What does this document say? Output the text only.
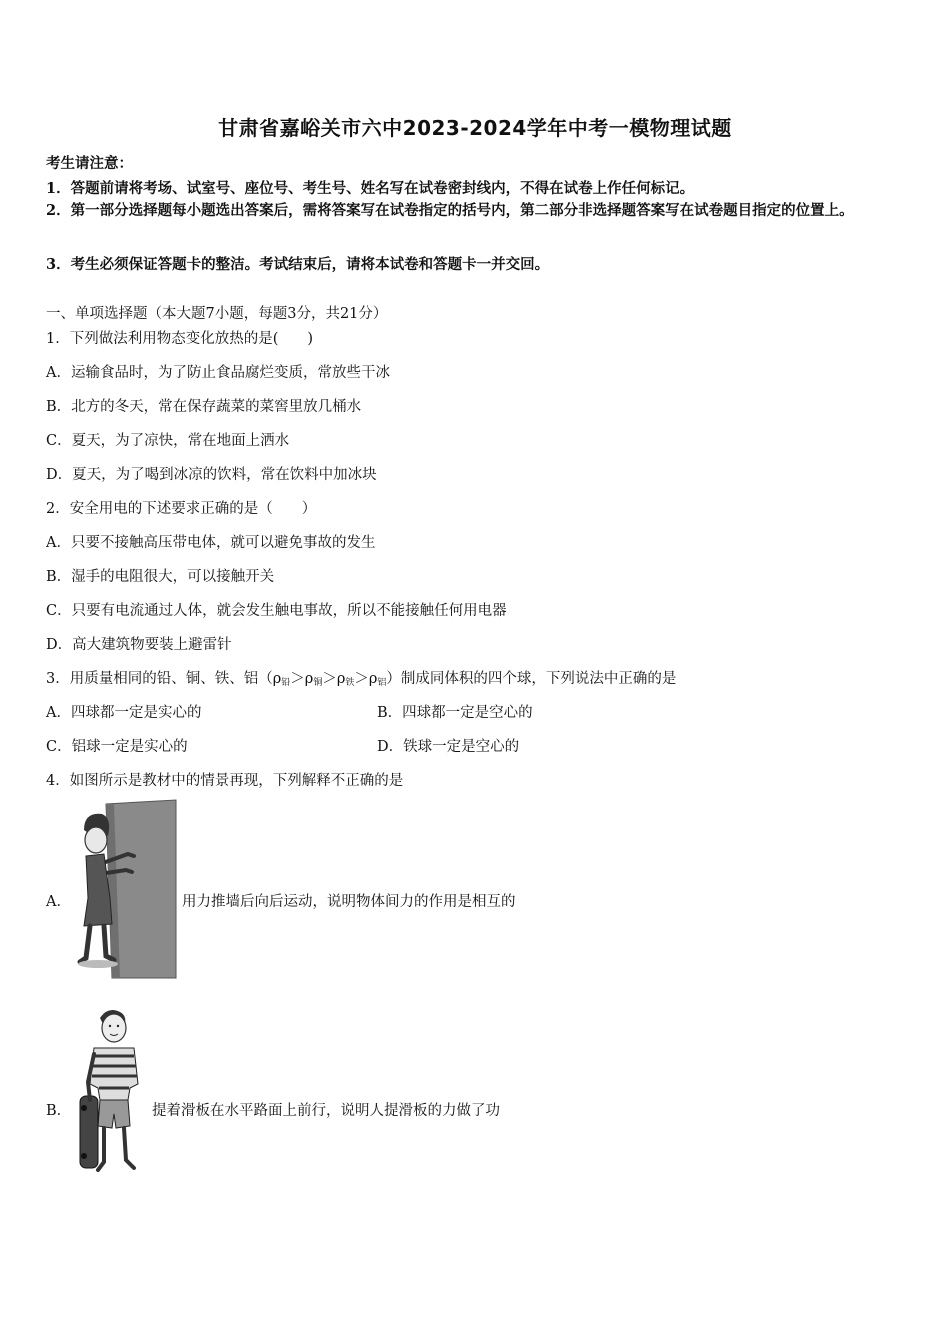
甘肃省嘉峪关市六中2023-2024学年中考一模物理试题
考生请注意：
1．答题前请将考场、试室号、座位号、考生号、姓名写在试卷密封线内，不得在试卷上作任何标记。
2．第一部分选择题每小题选出答案后，需将答案写在试卷指定的括号内，第二部分非选择题答案写在试卷题目指定的位置上。
3．考生必须保证答题卡的整洁。考试结束后，请将本试卷和答题卡一并交回。
一、单项选择题（本大题7小题，每题3分，共21分）
1．下列做法利用物态变化放热的是(　　)
A．运输食品时，为了防止食品腐烂变质，常放些干冰
B．北方的冬天，常在保存蔬菜的菜窖里放几桶水
C．夏天，为了凉快，常在地面上洒水
D．夏天，为了喝到冰凉的饮料，常在饮料中加冰块
2．安全用电的下述要求正确的是（　　）
A．只要不接触高压带电体，就可以避免事故的发生
B．湿手的电阻很大，可以接触开关
C．只要有电流通过人体，就会发生触电事故，所以不能接触任何用电器
D．高大建筑物要装上避雷针
3．用质量相同的铅、铜、铁、铝$(\rho_铅>\rho_铜>\rho_铁>\rho_铝)$制成同体积的四个球，下列说法中正确的是
A．四球都一定是实心的	B．四球都一定是空心的
C．铝球一定是实心的	D．铁球一定是空心的
4．如图所示是教材中的情景再现，下列解释不正确的是
A．	用力推墙后向后运动，说明物体间力的作用是相互的
B．	提着滑板在水平路面上前行，说明人提滑板的力做了功
